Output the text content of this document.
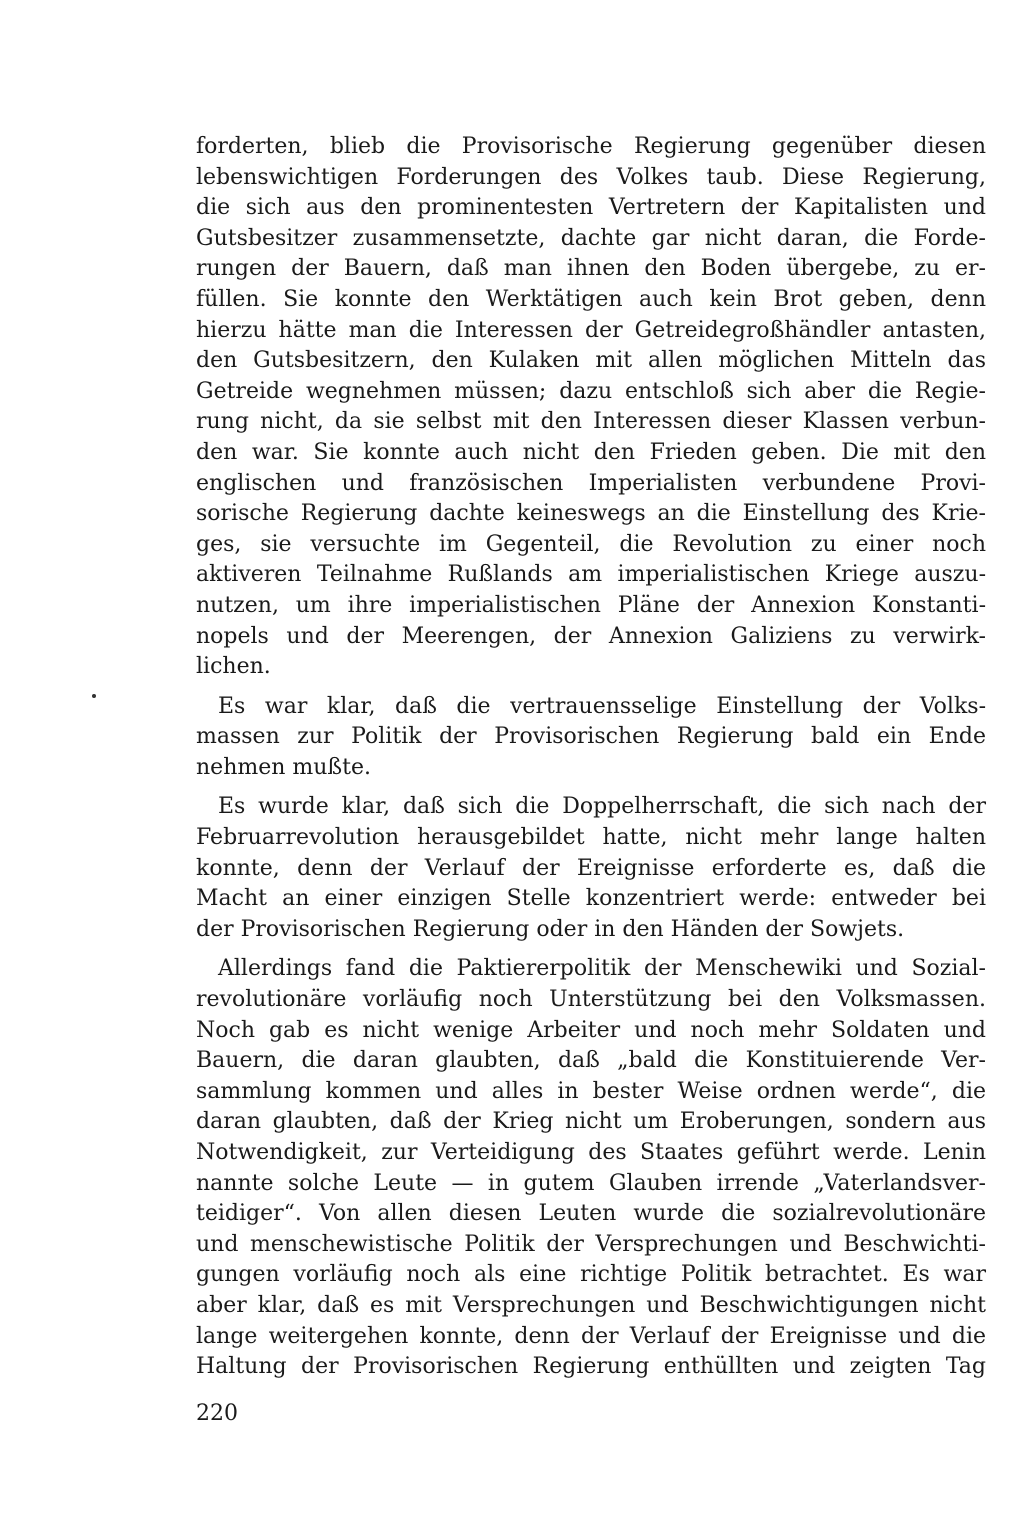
forderten, blieb die Provisorische Regierung gegenüber diesen
lebenswichtigen Forderungen des Volkes taub. Diese Regierung,
die sich aus den prominentesten Vertretern der Kapitalisten und
Gutsbesitzer zusammensetzte, dachte gar nicht daran, die Forde-
rungen der Bauern, daß man ihnen den Boden übergebe, zu er-
füllen. Sie konnte den Werktätigen auch kein Brot geben, denn
hierzu hätte man die Interessen der Getreidegroßhändler antasten,
den Gutsbesitzern, den Kulaken mit allen möglichen Mitteln das
Getreide wegnehmen müssen; dazu entschloß sich aber die Regie-
rung nicht, da sie selbst mit den Interessen dieser Klassen verbun-
den war. Sie konnte auch nicht den Frieden geben. Die mit den
englischen und französischen Imperialisten verbundene Provi-
sorische Regierung dachte keineswegs an die Einstellung des Krie-
ges, sie versuchte im Gegenteil, die Revolution zu einer noch
aktiveren Teilnahme Rußlands am imperialistischen Kriege auszu-
nutzen, um ihre imperialistischen Pläne der Annexion Konstanti-
nopels und der Meerengen, der Annexion Galiziens zu verwirk-
lichen.
Es war klar, daß die vertrauensselige Einstellung der Volks-
massen zur Politik der Provisorischen Regierung bald ein Ende
nehmen mußte.
Es wurde klar, daß sich die Doppelherrschaft, die sich nach der
Februarrevolution herausgebildet hatte, nicht mehr lange halten
konnte, denn der Verlauf der Ereignisse erforderte es, daß die
Macht an einer einzigen Stelle konzentriert werde: entweder bei
der Provisorischen Regierung oder in den Händen der Sowjets.
Allerdings fand die Paktiererpolitik der Menschewiki und Sozial-
revolutionäre vorläufig noch Unterstützung bei den Volksmassen.
Noch gab es nicht wenige Arbeiter und noch mehr Soldaten und
Bauern, die daran glaubten, daß „bald die Konstituierende Ver-
sammlung kommen und alles in bester Weise ordnen werde“, die
daran glaubten, daß der Krieg nicht um Eroberungen, sondern aus
Notwendigkeit, zur Verteidigung des Staates geführt werde. Lenin
nannte solche Leute — in gutem Glauben irrende „Vaterlandsver-
teidiger“. Von allen diesen Leuten wurde die sozialrevolutionäre
und menschewistische Politik der Versprechungen und Beschwichti-
gungen vorläufig noch als eine richtige Politik betrachtet. Es war
aber klar, daß es mit Versprechungen und Beschwichtigungen nicht
lange weitergehen konnte, denn der Verlauf der Ereignisse und die
Haltung der Provisorischen Regierung enthüllten und zeigten Tag
220
